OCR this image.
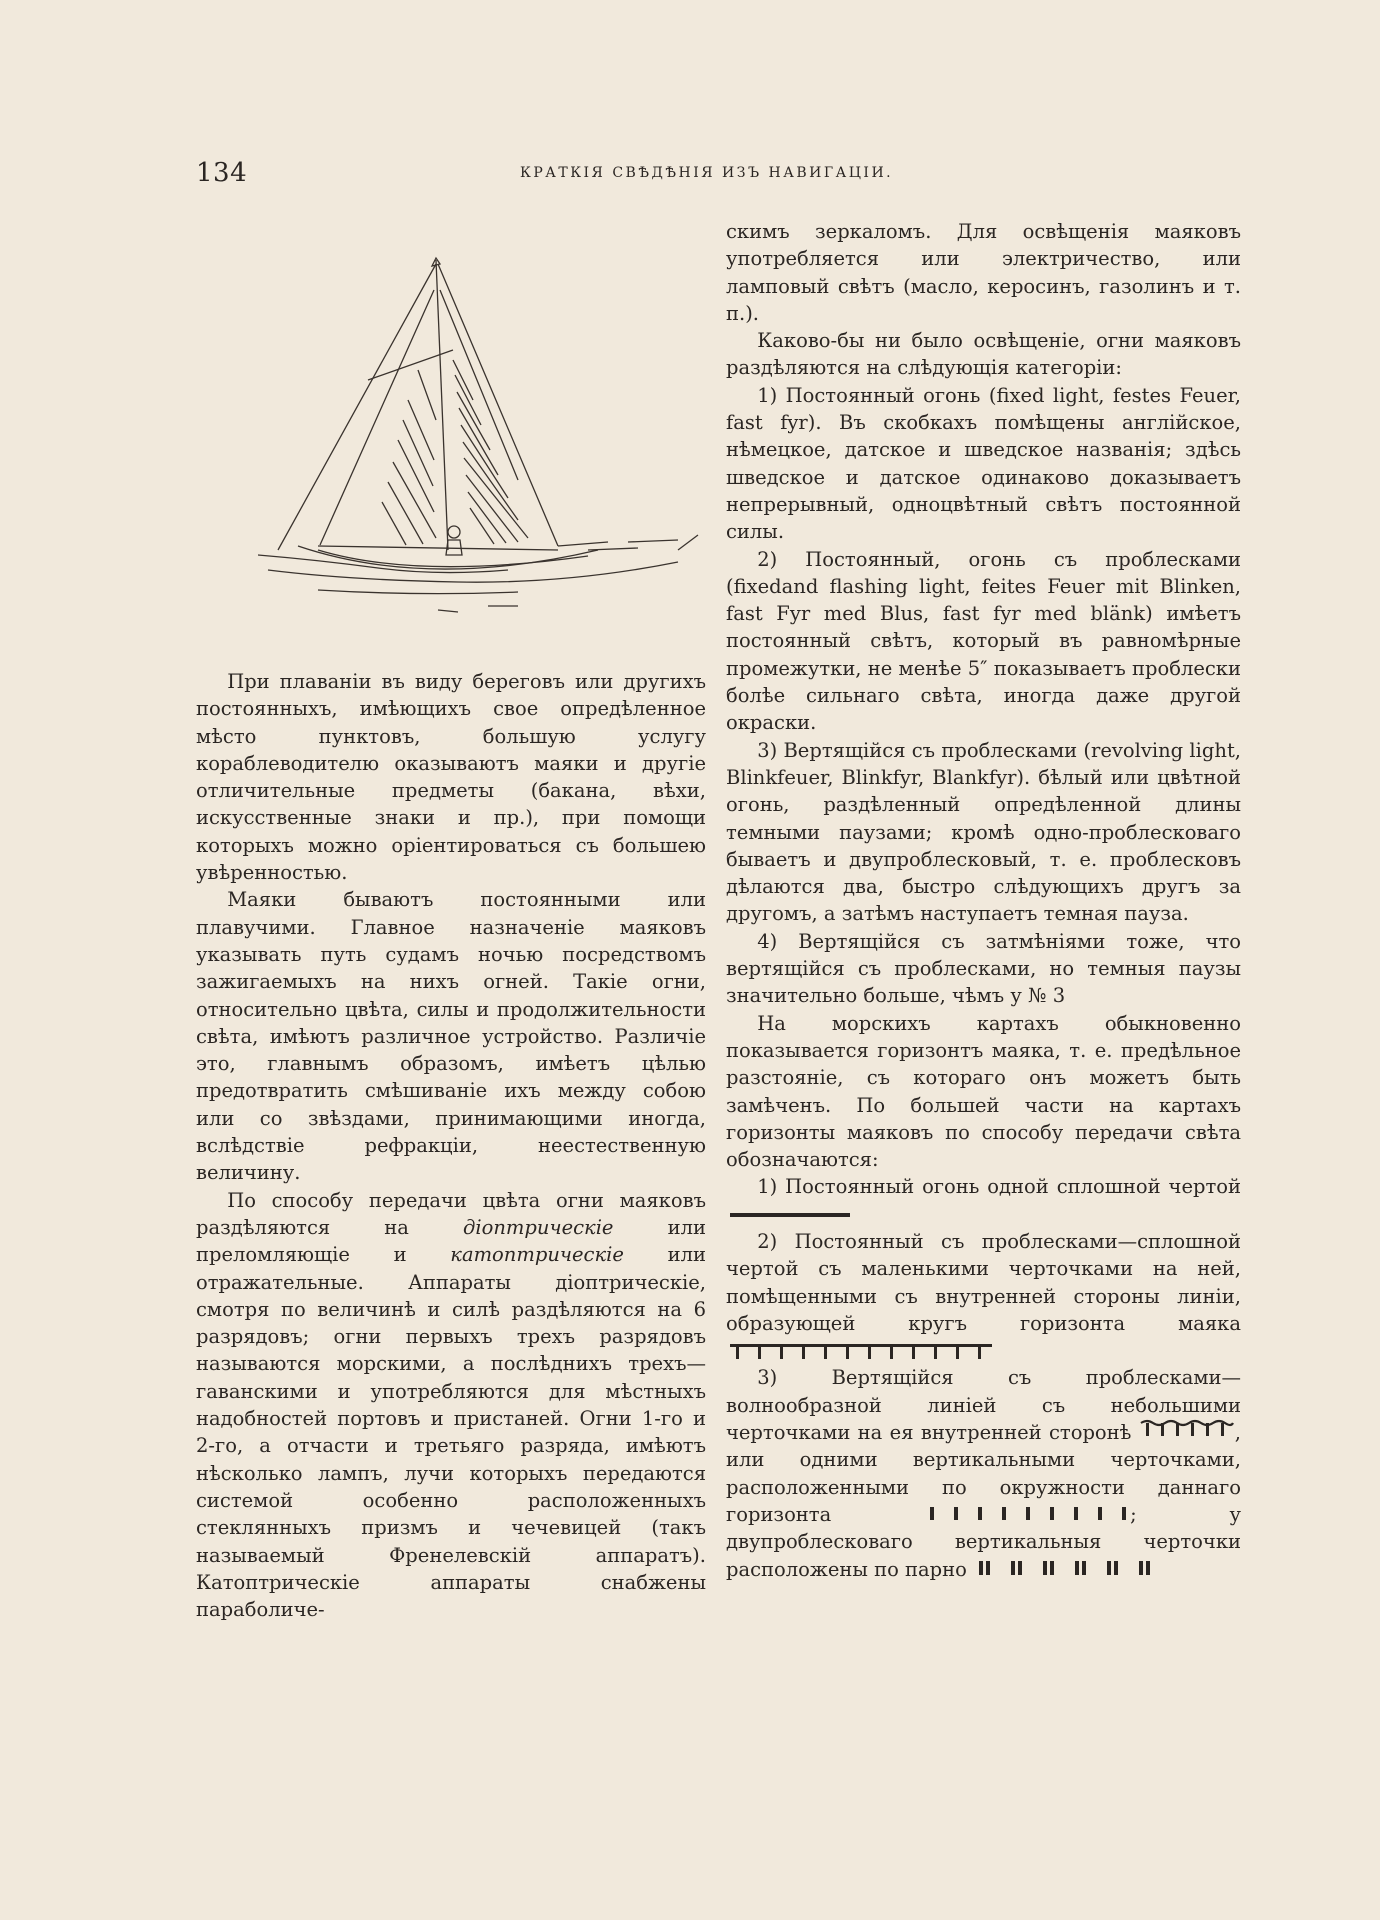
134	КРАТКІЯ СВѢДѢНІЯ ИЗЪ НАВИГАЦІИ.

При плаваніи въ виду береговъ или другихъ постоянныхъ, имѣющихъ свое опредѣленное мѣсто пунктовъ, большую услугу кораблеводителю оказываютъ маяки и другіе отличительные предметы (бакана, вѣхи, искусственные знаки и пр.), при помощи которыхъ можно оріентироваться съ большею увѣренностью.

Маяки бываютъ постоянными или плавучими. Главное назначеніе маяковъ указывать путь судамъ ночью посредствомъ зажигаемыхъ на нихъ огней. Такіе огни, относительно цвѣта, силы и продолжительности свѣта, имѣютъ различное устройство. Различіе это, главнымъ образомъ, имѣетъ цѣлью предотвратить смѣшиваніе ихъ между собою или со звѣздами, принимающими иногда, вслѣдствіе рефракціи, неестественную величину.

По способу передачи цвѣта огни маяковъ раздѣляются на діоптрическіе или преломляющіе и катоптрическіе или отражательные. Аппараты діоптрическіе, смотря по величинѣ и силѣ раздѣляются на 6 разрядовъ; огни первыхъ трехъ разрядовъ называются морскими, а послѣднихъ трехъ—гаванскими и употребляются для мѣстныхъ надобностей портовъ и пристаней. Огни 1-го и 2-го, а отчасти и третьяго разряда, имѣютъ нѣсколько лампъ, лучи которыхъ передаются системой особенно расположенныхъ стеклянныхъ призмъ и чечевицей (такъ называемый Френелевскій аппаратъ). Катоптрическіе аппараты снабжены параболиче-

скимъ зеркаломъ. Для освѣщенія маяковъ употребляется или электричество, или ламповый свѣтъ (масло, керосинъ, газолинъ и т. п.).

Каково-бы ни было освѣщеніе, огни маяковъ раздѣляются на слѣдующія категоріи:

1) Постоянный огонь (fixed light, festes Feuer, fast fyr). Въ скобкахъ помѣщены англійское, нѣмецкое, датское и шведское названія; здѣсь шведское и датское одинаково доказываетъ непрерывный, одноцвѣтный свѣтъ постоянной силы.

2) Постоянный, огонь съ проблесками (fixedand flashing light, feites Feuer mit Blinken, fast Fyr med Blus, fast fyr med blänk) имѣетъ постоянный свѣтъ, который въ равномѣрные промежутки, не менѣе 5″ показываетъ проблески болѣе сильнаго свѣта, иногда даже другой окраски.

3) Вертящійся съ проблесками (revolving light, Blinkfeuer, Blinkfyr, Blankfyr). бѣлый или цвѣтной огонь, раздѣленный опредѣленной длины темными паузами; кромѣ одно-проблесковаго бываетъ и двупроблесковый, т. е. проблесковъ дѣлаются два, быстро слѣдующихъ другъ за другомъ, а затѣмъ наступаетъ темная пауза.

4) Вертящійся съ затмѣніями тоже, что вертящійся съ проблесками, но темныя паузы значительно больше, чѣмъ у № 3

На морскихъ картахъ обыкновенно показывается горизонтъ маяка, т. е. предѣльное разстояніе, съ котораго онъ можетъ быть замѣченъ. По большей части на картахъ горизонты маяковъ по способу передачи свѣта обозначаются:

1) Постоянный огонь одной сплошной чертой

2) Постоянный съ проблесками—сплошной чертой съ маленькими черточками на ней, помѣщенными съ внутренней стороны линіи, образующей кругъ горизонта маяка

3) Вертящійся съ проблесками—волнообразной линіей съ небольшими черточками на ея внутренней сторонѣ	, или одними вертикальными черточками, расположенными по окружности даннаго горизонта	; у двупроблесковаго вертикальныя черточки расположены по парно
